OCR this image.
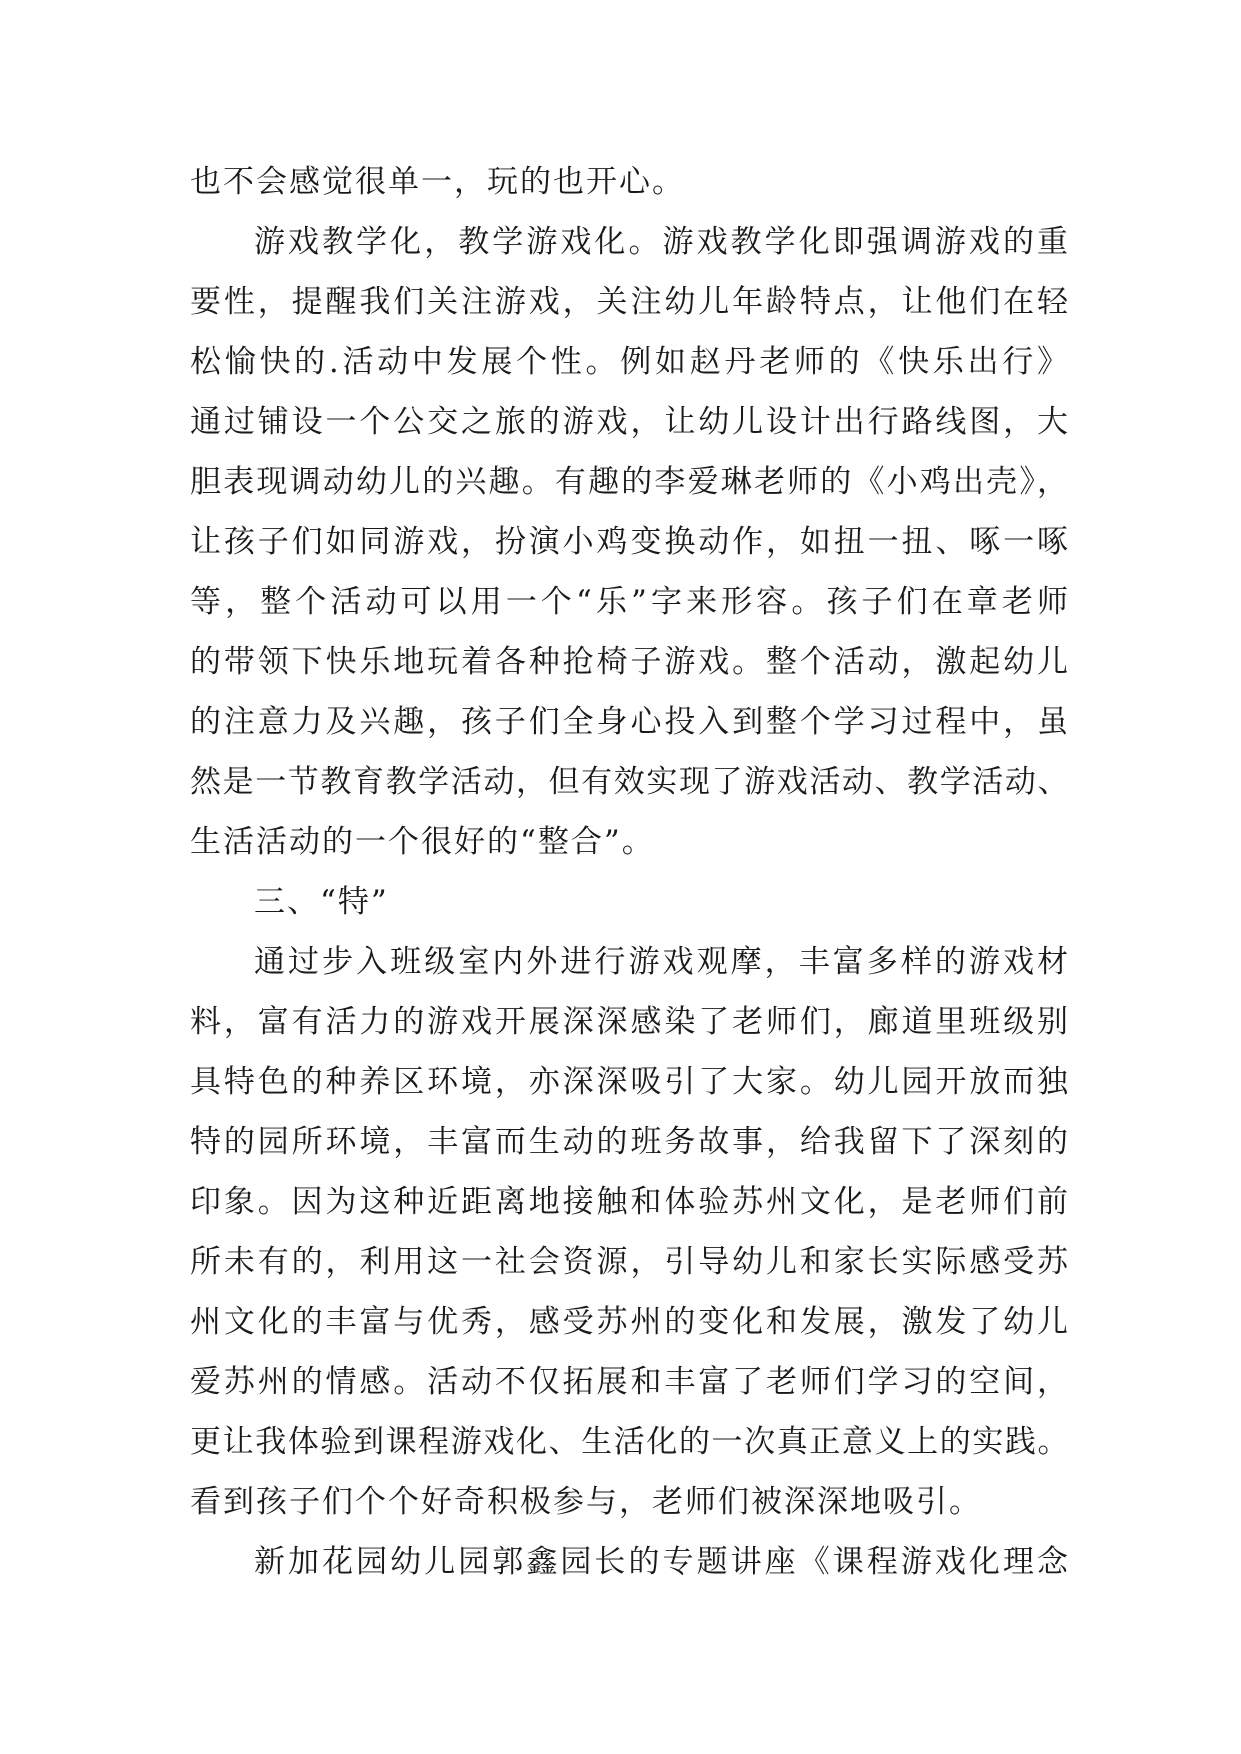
也不会感觉很单一，玩的也开心。
游戏教学化，教学游戏化。游戏教学化即强调游戏的重
要性，提醒我们关注游戏，关注幼儿年龄特点，让他们在轻
松愉快的.活动中发展个性。例如赵丹老师的《快乐出行》
通过铺设一个公交之旅的游戏，让幼儿设计出行路线图，大
胆表现调动幼儿的兴趣。有趣的李爱琳老师的《小鸡出壳》，
让孩子们如同游戏，扮演小鸡变换动作，如扭一扭、啄一啄
等，整个活动可以用一个“乐”字来形容。孩子们在章老师
的带领下快乐地玩着各种抢椅子游戏。整个活动，激起幼儿
的注意力及兴趣，孩子们全身心投入到整个学习过程中，虽
然是一节教育教学活动，但有效实现了游戏活动、教学活动、
生活活动的一个很好的“整合”。
三、“特”
通过步入班级室内外进行游戏观摩，丰富多样的游戏材
料，富有活力的游戏开展深深感染了老师们，廊道里班级别
具特色的种养区环境，亦深深吸引了大家。幼儿园开放而独
特的园所环境，丰富而生动的班务故事，给我留下了深刻的
印象。因为这种近距离地接触和体验苏州文化，是老师们前
所未有的，利用这一社会资源，引导幼儿和家长实际感受苏
州文化的丰富与优秀，感受苏州的变化和发展，激发了幼儿
爱苏州的情感。活动不仅拓展和丰富了老师们学习的空间，
更让我体验到课程游戏化、生活化的一次真正意义上的实践。
看到孩子们个个好奇积极参与，老师们被深深地吸引。
新加花园幼儿园郭鑫园长的专题讲座《课程游戏化理念
